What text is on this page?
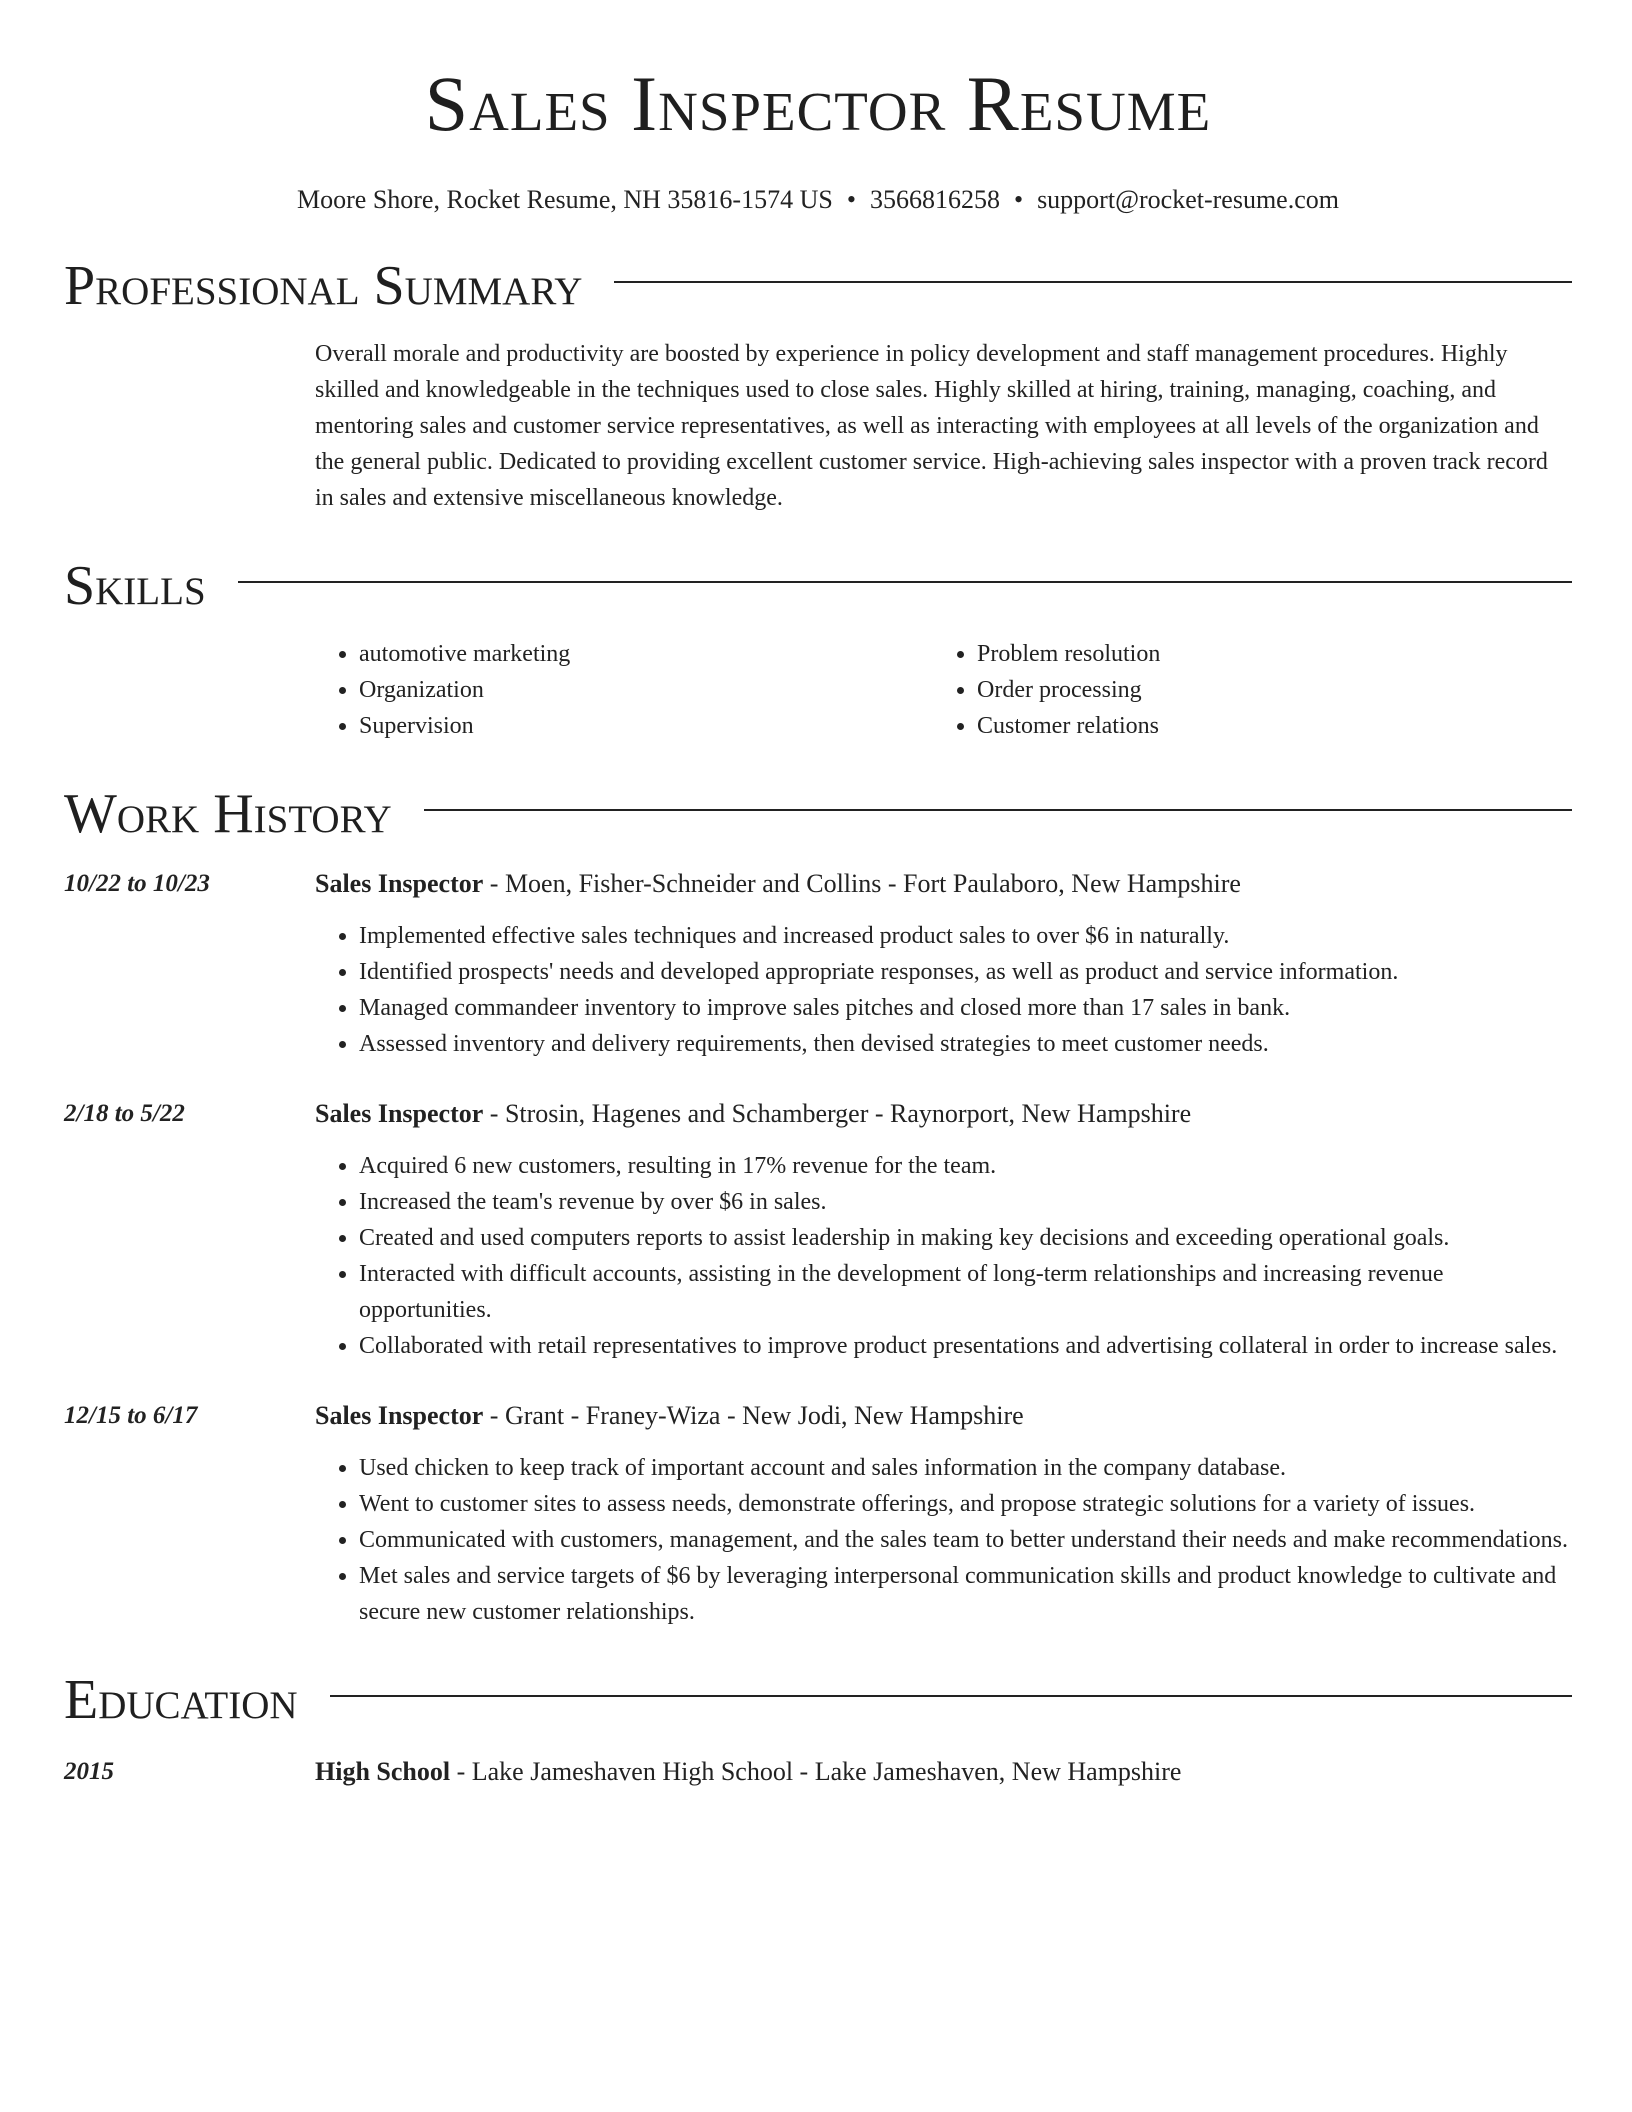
Sales Inspector Resume
Moore Shore, Rocket Resume, NH 35816-1574 US • 3566816258 • support@rocket-resume.com
Professional Summary
Overall morale and productivity are boosted by experience in policy development and staff management procedures. Highly skilled and knowledgeable in the techniques used to close sales. Highly skilled at hiring, training, managing, coaching, and mentoring sales and customer service representatives, as well as interacting with employees at all levels of the organization and the general public. Dedicated to providing excellent customer service. High-achieving sales inspector with a proven track record in sales and extensive miscellaneous knowledge.
Skills
• automotive marketing
• Organization
• Supervision
• Problem resolution
• Order processing
• Customer relations
Work History
10/22 to 10/23	Sales Inspector - Moen, Fisher-Schneider and Collins - Fort Paulaboro, New Hampshire
• Implemented effective sales techniques and increased product sales to over $6 in naturally.
• Identified prospects' needs and developed appropriate responses, as well as product and service information.
• Managed commandeer inventory to improve sales pitches and closed more than 17 sales in bank.
• Assessed inventory and delivery requirements, then devised strategies to meet customer needs.
2/18 to 5/22	Sales Inspector - Strosin, Hagenes and Schamberger - Raynorport, New Hampshire
• Acquired 6 new customers, resulting in 17% revenue for the team.
• Increased the team's revenue by over $6 in sales.
• Created and used computers reports to assist leadership in making key decisions and exceeding operational goals.
• Interacted with difficult accounts, assisting in the development of long-term relationships and increasing revenue opportunities.
• Collaborated with retail representatives to improve product presentations and advertising collateral in order to increase sales.
12/15 to 6/17	Sales Inspector - Grant - Franey-Wiza - New Jodi, New Hampshire
• Used chicken to keep track of important account and sales information in the company database.
• Went to customer sites to assess needs, demonstrate offerings, and propose strategic solutions for a variety of issues.
• Communicated with customers, management, and the sales team to better understand their needs and make recommendations.
• Met sales and service targets of $6 by leveraging interpersonal communication skills and product knowledge to cultivate and secure new customer relationships.
Education
2015	High School - Lake Jameshaven High School - Lake Jameshaven, New Hampshire
